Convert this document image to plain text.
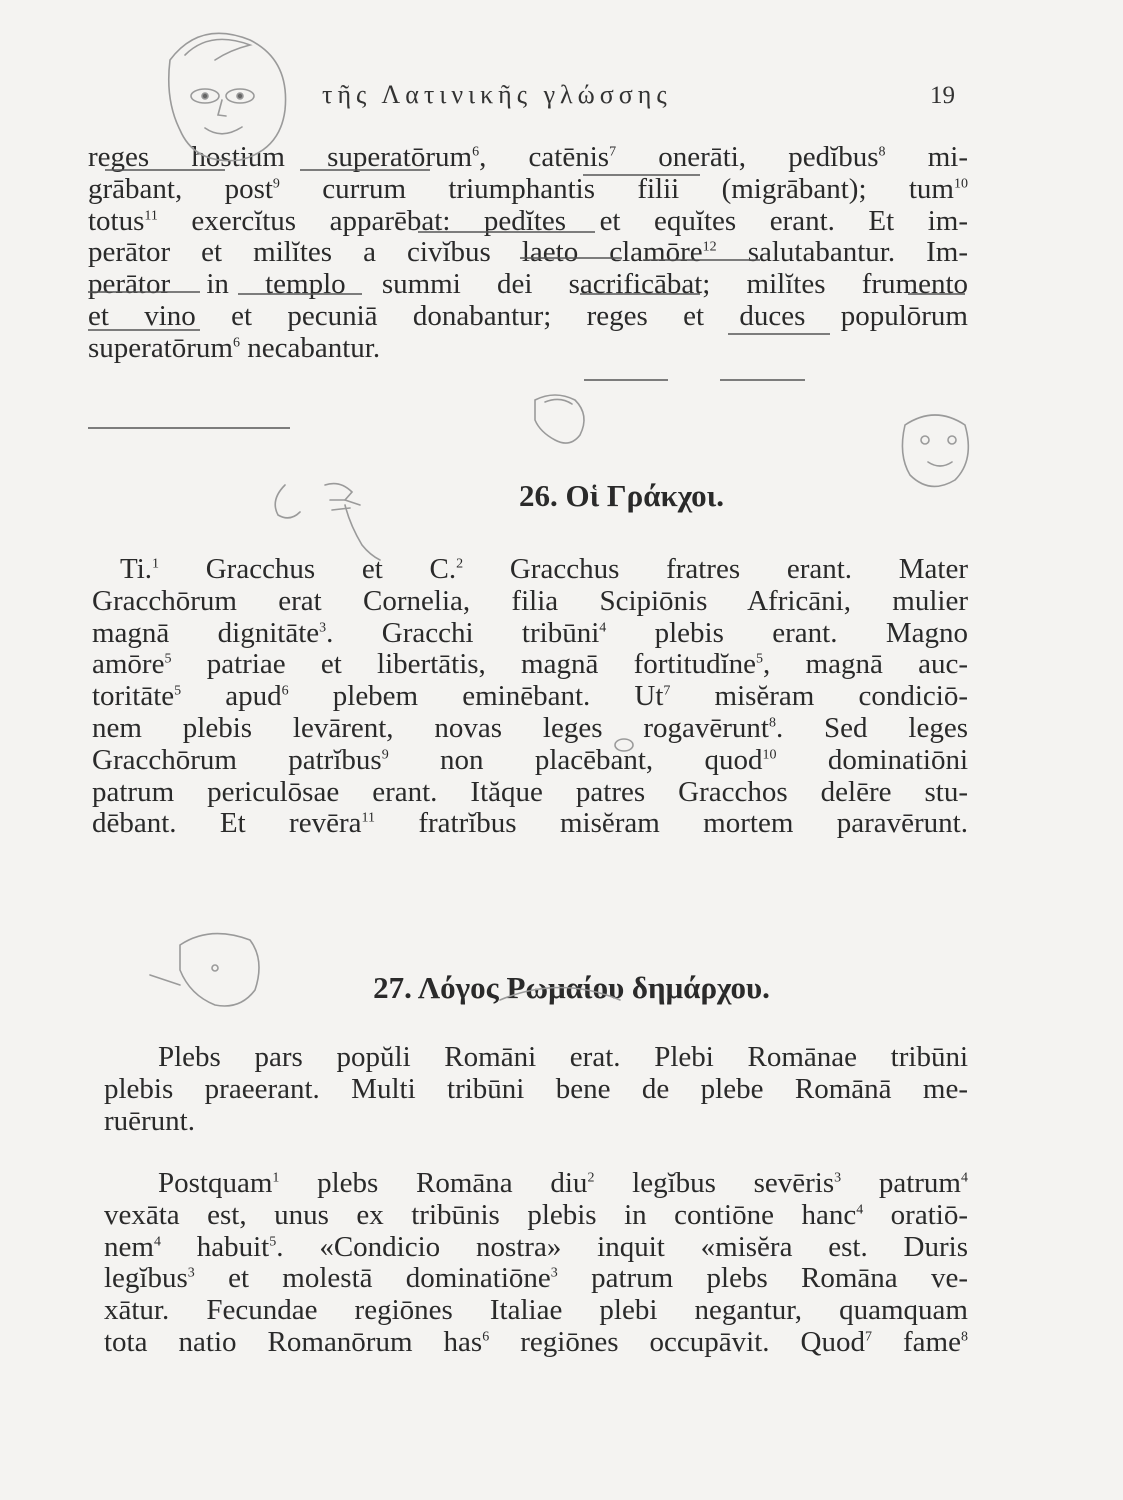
τῆς Λατινικῆς γλώσσης	19

reges hostium superatōrum$^6$, catēnis$^7$ onerāti, pedĭbus$^8$ mi-
grābant, post$^9$ currum triumphantis filii (migrābant); tum$^{10}$
totus$^{11}$ exercĭtus apparēbat: pedĭtes et equĭtes erant. Et im-
perātor et milĭtes a civĭbus laeto clamōre$^{12}$ salutabantur. Im-
perātor in templo summi dei sacrificābat; milĭtes frumento
et vino et pecuniā donabantur; reges et duces populōrum
superatōrum$^6$ necabantur.

26. Οἱ Γράκχοι.

Ti.$^1$ Gracchus et C.$^2$ Gracchus fratres erant. Mater
Gracchōrum erat Cornelia, filia Scipiōnis Africāni, mulier
magnā dignitāte$^3$. Gracchi tribūni$^4$ plebis erant. Magno
amōre$^5$ patriae et libertātis, magnā fortitudĭne$^5$, magnā auc-
toritāte$^5$ apud$^6$ plebem eminēbant. Ut$^7$ misĕram condiciō-
nem plebis levārent, novas leges rogavērunt$^8$. Sed leges
Gracchōrum patrĭbus$^9$ non placēbant, quod$^{10}$ dominatiōni
patrum periculōsae erant. Ităque patres Gracchos delēre stu-
dēbant. Et revēra$^{11}$ fratrĭbus misĕram mortem paravērunt.

27. Λόγος Ρωμαίου δημάρχου.

Plebs pars popŭli Romāni erat. Plebi Romānae tribūni
plebis praeerant. Multi tribūni bene de plebe Romānā me-
ruērunt.

Postquam$^1$ plebs Romāna diu$^2$ legĭbus sevēris$^3$ patrum$^4$
vexāta est, unus ex tribūnis plebis in contiōne hanc$^4$ oratiō-
nem$^4$ habuit$^5$. «Condicio nostra» inquit «misĕra est. Duris
legĭbus$^3$ et molestā dominatiōne$^3$ patrum plebs Romāna ve-
xātur. Fecundae regiōnes Italiae plebi negantur, quamquam
tota natio Romanōrum has$^6$ regiōnes occupāvit. Quod$^7$ fame$^8$
